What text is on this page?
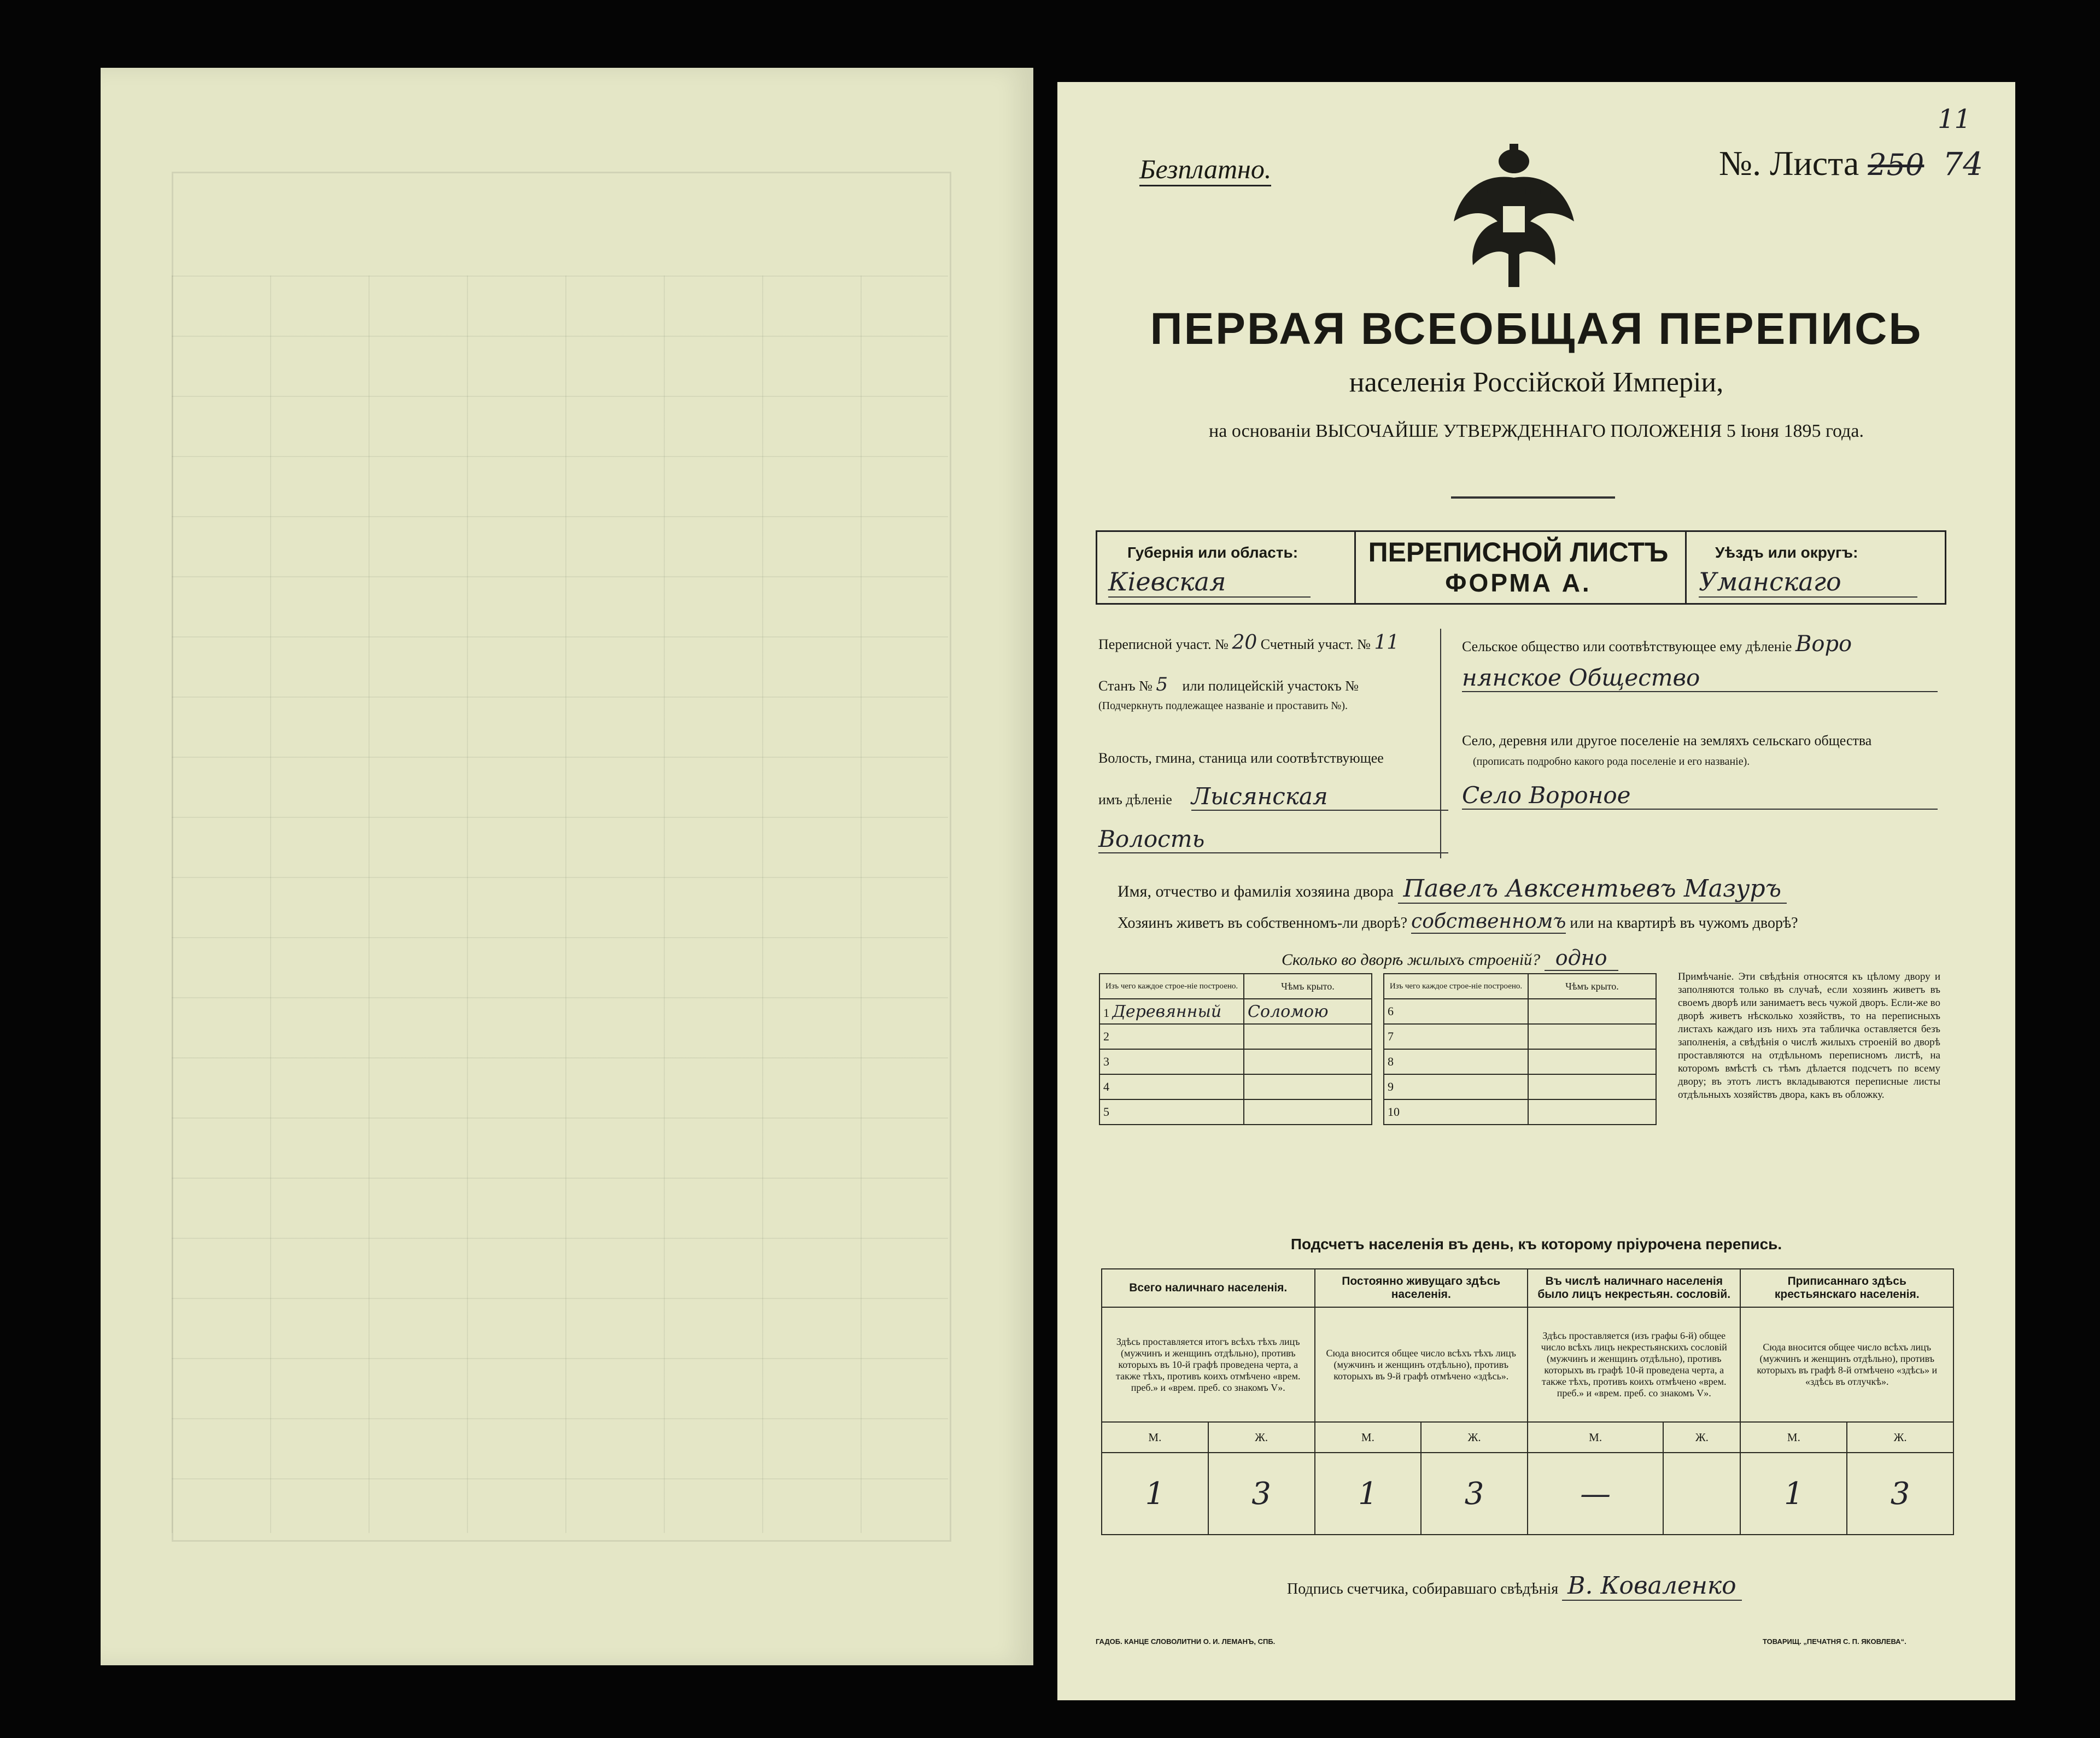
Безплатно.	№. Листа 250 74
11
ПЕРВАЯ ВСЕОБЩАЯ ПЕРЕПИСЬ
населенія Россійской Имперіи,
на основаніи ВЫСОЧАЙШЕ УТВЕРЖДЕННАГО ПОЛОЖЕНІЯ 5 Іюня 1895 года.
Губернія или область:
Кіевская
ПЕРЕПИСНОЙ ЛИСТЪ
ФОРМА А.
Уѣздъ или округъ:
Уманскаго
Переписной участ. № 20 Счетный участ. № 11
Станъ № 5 или полицейскій участокъ №
(Подчеркнуть подлежащее названіе и проставить №).
Волость, гмина, станица или соотвѣтствующее
имъ дѣленіе Лысянская
Волость
Сельское общество или соотвѣтствующее ему дѣленіе Воро
нянское Общество
Село, деревня или другое поселеніе на земляхъ сельскаго общества
(прописать подробно какого рода поселеніе и его названіе).
Село Вороное
Имя, отчество и фамилія хозяина двора Павелъ Авксентьевъ Мазуръ
Хозяинъ живетъ въ собственномъ-ли дворѣ? собственномъ или на квартирѣ въ чужомъ дворѣ?
Сколько во дворѣ жилыхъ строеній? одно
Изъ чего каждое строе-ніе построено.	Чѣмъ крыто.
1 Деревянный	Соломою
2	
3	
4	
5	
Изъ чего каждое строе-ніе построено.	Чѣмъ крыто.
6	
7	
8	
9	
10	
Примѣчаніе. Эти свѣдѣнія относятся къ цѣлому двору и заполняются только въ случаѣ, если хозяинъ живетъ въ своемъ дворѣ или занимаетъ весь чужой дворъ. Если-же во дворѣ живетъ нѣсколько хозяйствъ, то на переписныхъ листахъ каждаго изъ нихъ эта табличка оставляется безъ заполненія, а свѣдѣнія о числѣ жилыхъ строеній во дворѣ проставляются на отдѣльномъ переписномъ листѣ, на которомъ вмѣстѣ съ тѣмъ дѣлается подсчетъ по всему двору; въ этотъ листъ вкладываются переписные листы отдѣльныхъ хозяйствъ двора, какъ въ обложку.
Подсчетъ населенія въ день, къ которому пріурочена перепись.
Всего наличнаго населенія.		Постоянно живущаго здѣсь населенія.		Въ числѣ наличнаго населенія было лицъ некрестьян. сословій.		Приписаннаго здѣсь крестьянскаго населенія.	
Здѣсь проставляется итогъ всѣхъ тѣхъ лицъ (мужчинъ и женщинъ отдѣльно), противъ которыхъ въ 10-й графѣ проведена черта, а также тѣхъ, противъ коихъ отмѣчено «врем. преб.» и «врем. преб. со знакомъ V».		Сюда вносится общее число всѣхъ тѣхъ лицъ (мужчинъ и женщинъ отдѣльно), противъ которыхъ въ 9-й графѣ отмѣчено «здѣсь».		Здѣсь проставляется (изъ графы 6-й) общее число всѣхъ лицъ некрестьянскихъ сословій (мужчинъ и женщинъ отдѣльно), противъ которыхъ въ графѣ 10-й проведена черта, а также тѣхъ, противъ коихъ отмѣчено «врем. преб.» и «врем. преб. со знакомъ V».		Сюда вносится общее число всѣхъ лицъ (мужчинъ и женщинъ отдѣльно), противъ которыхъ въ графѣ 8-й отмѣчено «здѣсь» и «здѣсь въ отлучкѣ».	
М.	Ж.	М.	Ж.	М.	Ж.	М.	Ж.
1	3	1	3	—		1	3
Подпись счетчика, собиравшаго свѣдѣнія В. Коваленко
ГАДОБ. КАНЦЕ СЛОВОЛИТНИ О. И. ЛЕМАНЪ, СПБ.	ТОВАРИЩ. „ПЕЧАТНЯ С. П. ЯКОВЛЕВА“.
